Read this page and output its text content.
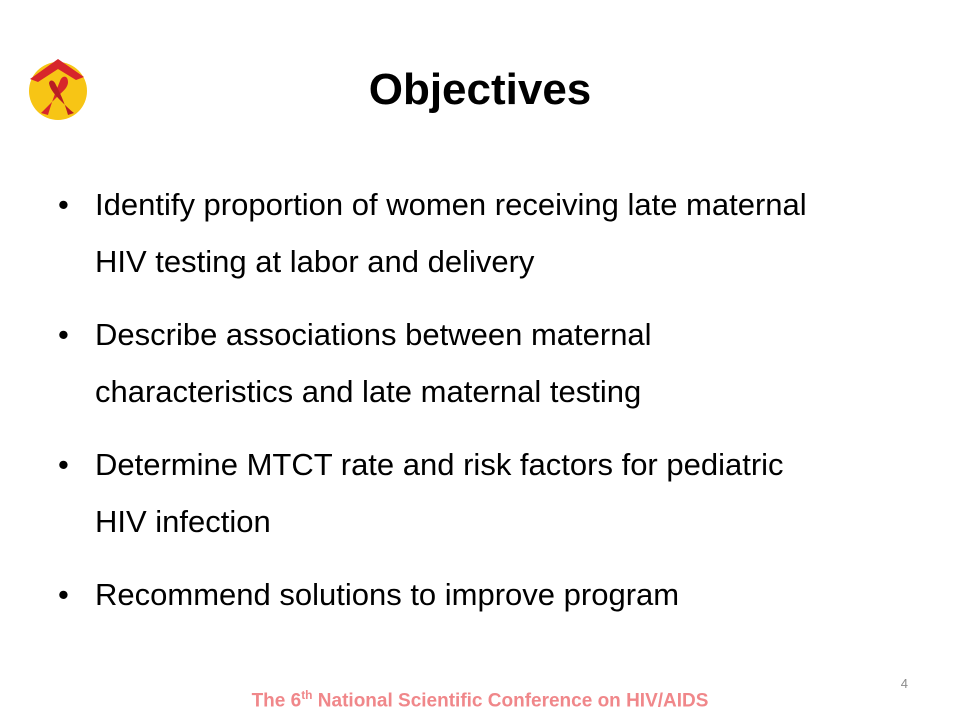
Objectives
• Identify proportion of women receiving late maternal HIV testing at labor and delivery
• Describe associations between maternal characteristics and late maternal testing
• Determine MTCT rate and risk factors for pediatric HIV infection
• Recommend solutions to improve program
4
The 6th National Scientific Conference on HIV/AIDS
